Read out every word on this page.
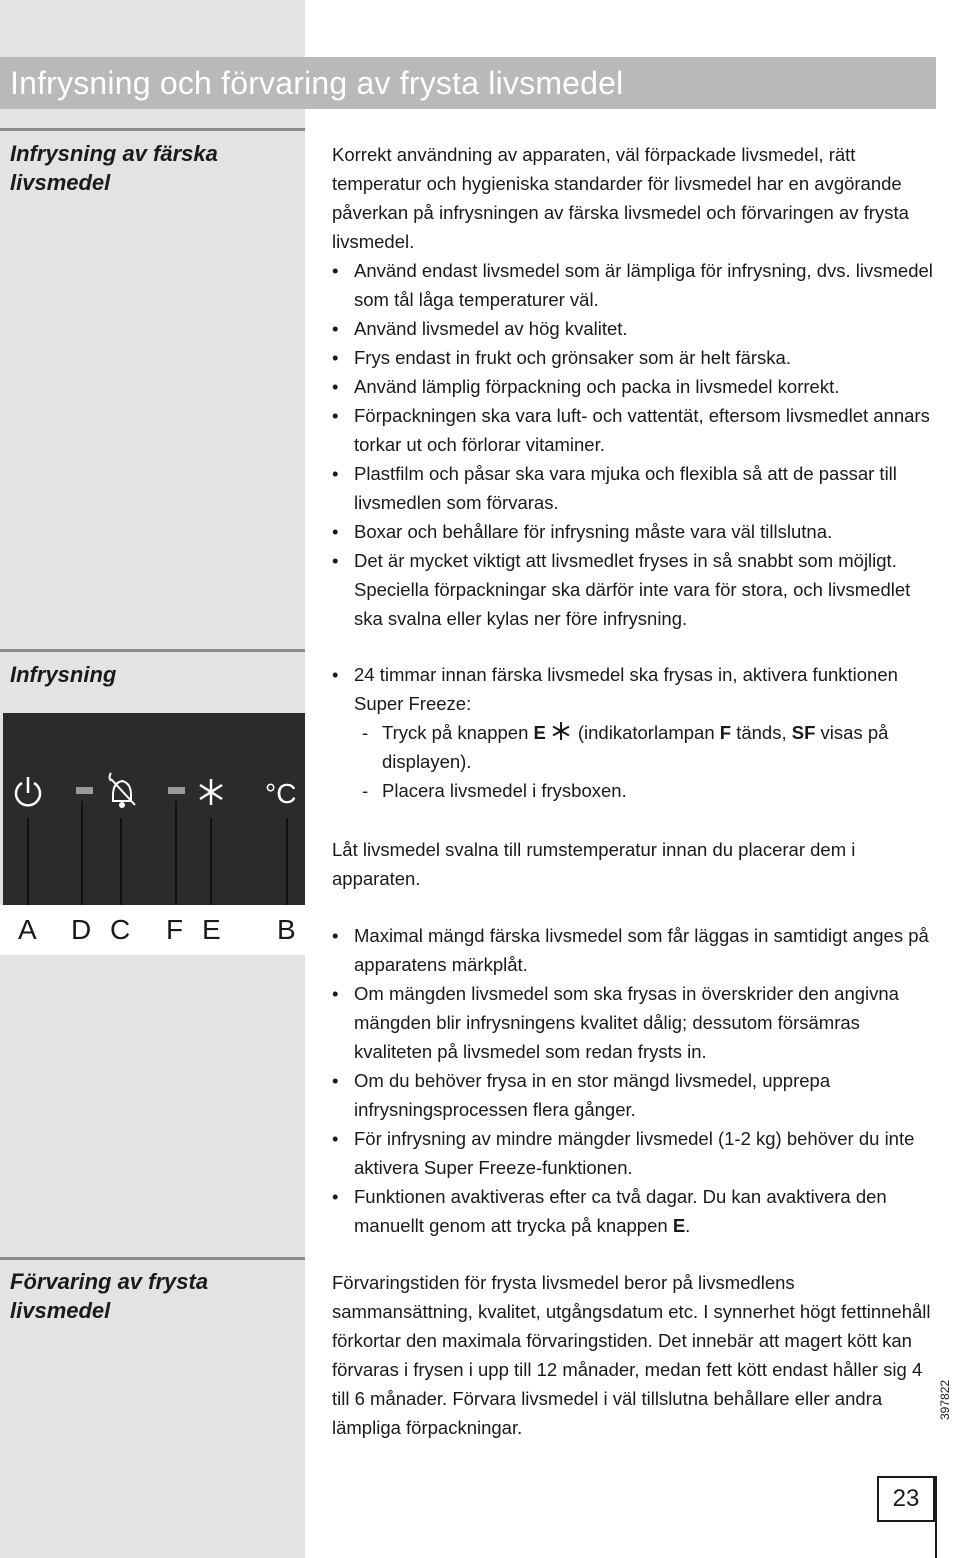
Infrysning och förvaring av frysta livsmedel
Infrysning av färska livsmedel
Korrekt användning av apparaten, väl förpackade livsmedel, rätt temperatur och hygieniska standarder för livsmedel har en avgörande påverkan på infrysningen av färska livsmedel och förvaringen av frysta livsmedel.
• Använd endast livsmedel som är lämpliga för infrysning, dvs. livsmedel som tål låga temperaturer väl.
• Använd livsmedel av hög kvalitet.
• Frys endast in frukt och grönsaker som är helt färska.
• Använd lämplig förpackning och packa in livsmedel korrekt.
• Förpackningen ska vara luft- och vattentät, eftersom livsmedlet annars torkar ut och förlorar vitaminer.
• Plastfilm och påsar ska vara mjuka och flexibla så att de passar till livsmedlen som förvaras.
• Boxar och behållare för infrysning måste vara väl tillslutna.
• Det är mycket viktigt att livsmedlet fryses in så snabbt som möjligt. Speciella förpackningar ska därför inte vara för stora, och livsmedlet ska svalna eller kylas ner före infrysning.
Infrysning
•	24 timmar innan färska livsmedel ska frysas in, aktivera funktionen Super Freeze:
- Tryck på knappen E (indikatorlampan F tänds, SF visas på displayen).
- Placera livsmedel i frysboxen.
Låt livsmedel svalna till rumstemperatur innan du placerar dem i apparaten.
• Maximal mängd färska livsmedel som får läggas in samtidigt anges på apparatens märkplåt.
• Om mängden livsmedel som ska frysas in överskrider den angivna mängden blir infrysningens kvalitet dålig; dessutom försämras kvaliteten på livsmedel som redan frysts in.
• Om du behöver frysa in en stor mängd livsmedel, upprepa infrysningsprocessen flera gånger.
• För infrysning av mindre mängder livsmedel (1-2 kg) behöver du inte aktivera Super Freeze-funktionen.
• Funktionen avaktiveras efter ca två dagar. Du kan avaktivera den manuellt genom att trycka på knappen E.
°C
A D C F E B
Förvaring av frysta livsmedel
Förvaringstiden för frysta livsmedel beror på livsmedlens sammansättning, kvalitet, utgångsdatum etc. I synnerhet högt fettinnehåll förkortar den maximala förvaringstiden. Det innebär att magert kött kan förvaras i frysen i upp till 12 månader, medan fett kött endast håller sig 4 till 6 månader. Förvara livsmedel i väl tillslutna behållare eller andra lämpliga förpackningar.
397822
23
